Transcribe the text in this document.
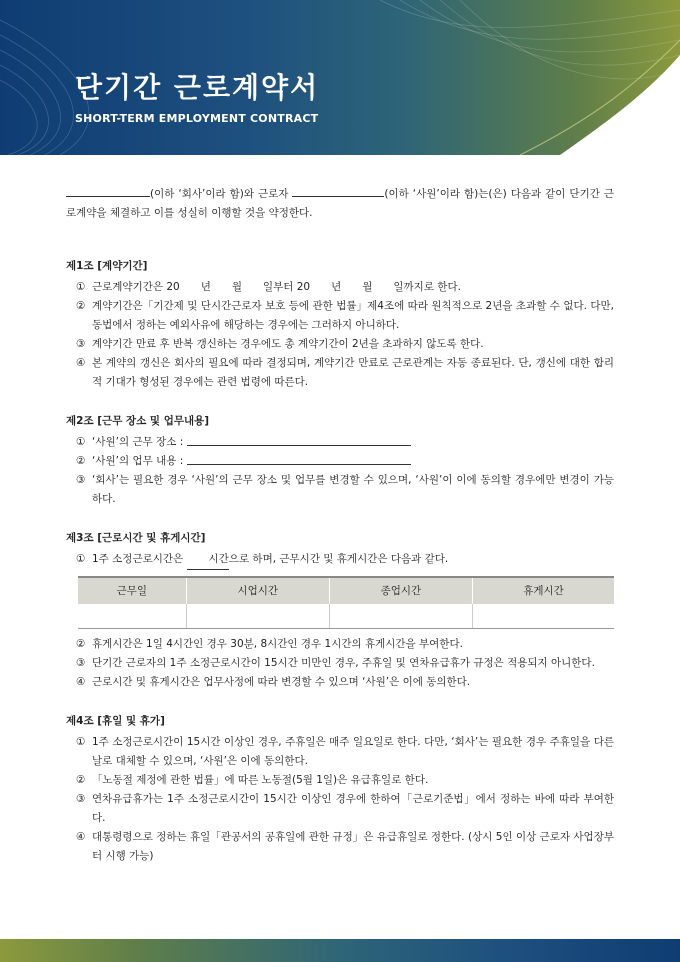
단기간 근로계약서
SHORT-TERM EMPLOYMENT CONTRACT
(이하 ‘회사’이라 함)와 근로자	(이하 ‘사원’이라 함)는(은) 다음과 같이 단기간 근로계약을 체결하고 이를 성실히 이행할 것을 약정한다.
제1조 [계약기간]
① 근로계약기간은 20　　년　　월　　일부터 20　　년　　월　　일까지로 한다.
② 계약기간은「기간제 및 단시간근로자 보호 등에 관한 법률」제4조에 따라 원칙적으로 2년을 초과할 수 없다. 다만, 동법에서 정하는 예외사유에 해당하는 경우에는 그러하지 아니하다.
③ 계약기간 만료 후 반복 갱신하는 경우에도 총 계약기간이 2년을 초과하지 않도록 한다.
④ 본 계약의 갱신은 회사의 필요에 따라 결정되며, 계약기간 만료로 근로관계는 자동 종료된다. 단, 갱신에 대한 합리적 기대가 형성된 경우에는 관련 법령에 따른다.
제2조 [근무 장소 및 업무내용]
① ‘사원’의 근무 장소 :
② ‘사원’의 업무 내용 :
③ ‘회사’는 필요한 경우 ‘사원’의 근무 장소 및 업무를 변경할 수 있으며, ‘사원’이 이에 동의할 경우에만 변경이 가능하다.
제3조 [근로시간 및 휴게시간]
① 1주 소정근로시간은 시간으로 하며, 근무시간 및 휴게시간은 다음과 같다.
근무일	시업시간	종업시간	휴게시간

② 휴게시간은 1일 4시간인 경우 30분, 8시간인 경우 1시간의 휴게시간을 부여한다.
③ 단기간 근로자의 1주 소정근로시간이 15시간 미만인 경우, 주휴일 및 연차유급휴가 규정은 적용되지 아니한다.
④ 근로시간 및 휴게시간은 업무사정에 따라 변경할 수 있으며 ‘사원’은 이에 동의한다.
제4조 [휴일 및 휴가]
① 1주 소정근로시간이 15시간 이상인 경우, 주휴일은 매주 일요일로 한다. 다만, ‘회사’는 필요한 경우 주휴일을 다른 날로 대체할 수 있으며, ‘사원’은 이에 동의한다.
② 「노동절 제정에 관한 법률」에 따른 노동절(5월 1일)은 유급휴일로 한다.
③ 연차유급휴가는 1주 소정근로시간이 15시간 이상인 경우에 한하여「근로기준법」에서 정하는 바에 따라 부여한다.
④ 대통령령으로 정하는 휴일「관공서의 공휴일에 관한 규정」은 유급휴일로 정한다. (상시 5인 이상 근로자 사업장부터 시행 가능)
